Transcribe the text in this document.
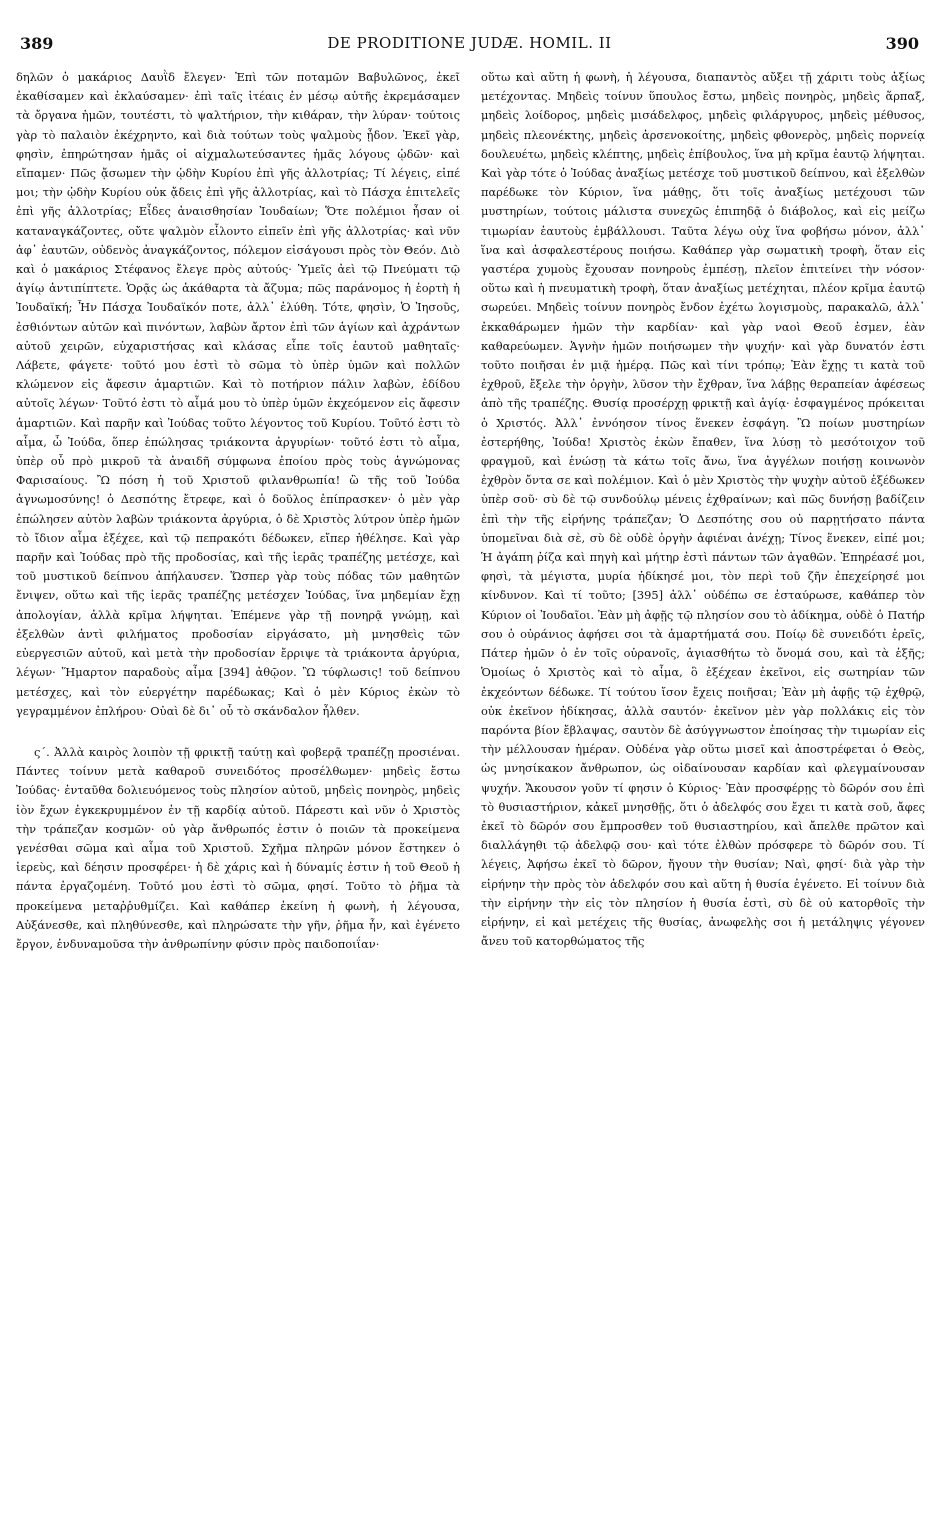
389	DE PRODITIONE JUDÆ. HOMIL. II	390

δηλῶν ὁ μακάριος Δαυῒδ ἔλεγεν· Ἐπὶ τῶν ποταμῶν Βαβυλῶνος, ἐκεῖ ἐκαθίσαμεν καὶ ἐκλαύσαμεν· ἐπὶ ταῖς ἰτέαις ἐν μέσῳ αὐτῆς ἐκρεμάσαμεν τὰ ὄργανα ἡμῶν, τουτέστι, τὸ ψαλτήριον, τὴν κιθάραν, τὴν λύραν· τούτοις γὰρ τὸ παλαιὸν ἐκέχρηντο, καὶ διὰ τούτων τοὺς ψαλμοὺς ᾖδον. Ἐκεῖ γὰρ, φησὶν, ἐπηρώτησαν ἡμᾶς οἱ αἰχμαλωτεύσαντες ἡμᾶς λόγους ᾠδῶν· καὶ εἴπαμεν· Πῶς ᾄσωμεν τὴν ᾠδὴν Κυρίου ἐπὶ γῆς ἀλλοτρίας; Τί λέγεις, εἰπέ μοι; τὴν ᾠδὴν Κυρίου οὐκ ᾄδεις ἐπὶ γῆς ἀλλοτρίας, καὶ τὸ Πάσχα ἐπιτελεῖς ἐπὶ γῆς ἀλλοτρίας; Εἶδες ἀναισθησίαν Ἰουδαίων; Ὅτε πολέμιοι ἦσαν οἱ καταναγκάζοντες, οὔτε ψαλμὸν εἶλοντο εἰπεῖν ἐπὶ γῆς ἀλλοτρίας· καὶ νῦν ἀφ᾽ ἑαυτῶν, οὐδενὸς ἀναγκάζοντος, πόλεμον εἰσάγουσι πρὸς τὸν Θεόν. Διὸ καὶ ὁ μακάριος Στέφανος ἔλεγε πρὸς αὐτούς· Ὑμεῖς ἀεὶ τῷ Πνεύματι τῷ ἁγίῳ ἀντιπίπτετε. Ὁρᾷς ὡς ἀκάθαρτα τὰ ἄζυμα; πῶς παράνομος ἡ ἑορτὴ ἡ Ἰουδαϊκή; Ἦν Πάσχα Ἰουδαϊκόν ποτε, ἀλλ᾽ ἐλύθη. Τότε, φησὶν, Ὁ Ἰησοῦς, ἐσθιόντων αὐτῶν καὶ πινόντων, λαβὼν ἄρτον ἐπὶ τῶν ἁγίων καὶ ἀχράντων αὐτοῦ χειρῶν, εὐχαριστήσας καὶ κλάσας εἶπε τοῖς ἑαυτοῦ μαθηταῖς· Λάβετε, φάγετε· τοῦτό μου ἐστὶ τὸ σῶμα τὸ ὑπὲρ ὑμῶν καὶ πολλῶν κλώμενον εἰς ἄφεσιν ἁμαρτιῶν. Καὶ τὸ ποτήριον πάλιν λαβὼν, ἐδίδου αὐτοῖς λέγων· Τοῦτό ἐστι τὸ αἷμά μου τὸ ὑπὲρ ὑμῶν ἐκχεόμενον εἰς ἄφεσιν ἁμαρτιῶν. Καὶ παρῆν καὶ Ἰούδας τοῦτο λέγοντος τοῦ Κυρίου. Τοῦτό ἐστι τὸ αἷμα, ὦ Ἰούδα, ὅπερ ἐπώλησας τριάκοντα ἀργυρίων· τοῦτό ἐστι τὸ αἷμα, ὑπὲρ οὗ πρὸ μικροῦ τὰ ἀναιδῆ σύμφωνα ἐποίου πρὸς τοὺς ἀγνώμονας Φαρισαίους. Ὢ πόση ἡ τοῦ Χριστοῦ φιλανθρωπία! ὢ τῆς τοῦ Ἰούδα ἀγνωμοσύνης! ὁ Δεσπότης ἔτρεφε, καὶ ὁ δοῦλος ἐπίπρασκεν· ὁ μὲν γὰρ ἐπώλησεν αὐτὸν λαβὼν τριάκοντα ἀργύρια, ὁ δὲ Χριστὸς λύτρον ὑπὲρ ἡμῶν τὸ ἴδιον αἷμα ἐξέχεε, καὶ τῷ πεπρακότι δέδωκεν, εἴπερ ἠθέλησε. Καὶ γὰρ παρῆν καὶ Ἰούδας πρὸ τῆς προδοσίας, καὶ τῆς ἱερᾶς τραπέζης μετέσχε, καὶ τοῦ μυστικοῦ δείπνου ἀπήλαυσεν. Ὥσπερ γὰρ τοὺς πόδας τῶν μαθητῶν ἔνιψεν, οὕτω καὶ τῆς ἱερᾶς τραπέζης μετέσχεν Ἰούδας, ἵνα μηδεμίαν ἔχῃ ἀπολογίαν, ἀλλὰ κρῖμα λήψηται. Ἐπέμενε γὰρ τῇ πονηρᾷ γνώμῃ, καὶ ἐξελθὼν ἀντὶ φιλήματος προδοσίαν εἰργάσατο, μὴ μνησθεὶς τῶν εὐεργεσιῶν αὐτοῦ, καὶ μετὰ τὴν προδοσίαν ἔρριψε τὰ τριάκοντα ἀργύρια, λέγων· Ἥμαρτον παραδοὺς αἷμα [394] ἀθῷον. Ὢ τύφλωσις! τοῦ δείπνου μετέσχες, καὶ τὸν εὐεργέτην παρέδωκας; Καὶ ὁ μὲν Κύριος ἐκὼν τὸ γεγραμμένον ἐπλήρου· Οὐαὶ δὲ δι᾽ οὗ τὸ σκάνδαλον ἦλθεν.

ς΄. Ἀλλὰ καιρὸς λοιπὸν τῇ φρικτῇ ταύτῃ καὶ φοβερᾷ τραπέζῃ προσιέναι. Πάντες τοίνυν μετὰ καθαροῦ συνειδότος προσέλθωμεν· μηδεὶς ἔστω Ἰούδας· ἐνταῦθα δολιευόμενος τοὺς πλησίον αὐτοῦ, μηδεὶς πονηρὸς, μηδεὶς ἰὸν ἔχων ἐγκεκρυμμένον ἐν τῇ καρδίᾳ αὐτοῦ. Πάρεστι καὶ νῦν ὁ Χριστὸς τὴν τράπεζαν κοσμῶν· οὐ γὰρ ἄνθρωπός ἐστιν ὁ ποιῶν τὰ προκείμενα γενέσθαι σῶμα καὶ αἷμα τοῦ Χριστοῦ. Σχῆμα πληρῶν μόνον ἕστηκεν ὁ ἱερεὺς, καὶ δέησιν προσφέρει· ἡ δὲ χάρις καὶ ἡ δύναμίς ἐστιν ἡ τοῦ Θεοῦ ἡ πάντα ἐργαζομένη. Τοῦτό μου ἐστὶ τὸ σῶμα, φησί. Τοῦτο τὸ ῥῆμα τὰ προκείμενα μεταῤῥυθμίζει. Καὶ καθάπερ ἐκείνη ἡ φωνὴ, ἡ λέγουσα, Αὐξάνεσθε, καὶ πληθύνεσθε, καὶ πληρώσατε τὴν γῆν, ῥῆμα ἦν, καὶ ἐγένετο ἔργον, ἐνδυναμοῦσα τὴν ἀνθρωπίνην φύσιν πρὸς παιδοποιΐαν·

οὕτω καὶ αὕτη ἡ φωνὴ, ἡ λέγουσα, διαπαντὸς αὔξει τῇ χάριτι τοὺς ἀξίως μετέχοντας. Μηδεὶς τοίνυν ὕπουλος ἔστω, μηδεὶς πονηρὸς, μηδεὶς ἅρπαξ, μηδεὶς λοίδορος, μηδεὶς μισάδελφος, μηδεὶς φιλάργυρος, μηδεὶς μέθυσος, μηδεὶς πλεονέκτης, μηδεὶς ἀρσενοκοίτης, μηδεὶς φθονερὸς, μηδεὶς πορνείᾳ δουλευέτω, μηδεὶς κλέπτης, μηδεὶς ἐπίβουλος, ἵνα μὴ κρῖμα ἑαυτῷ λήψηται. Καὶ γὰρ τότε ὁ Ἰούδας ἀναξίως μετέσχε τοῦ μυστικοῦ δείπνου, καὶ ἐξελθὼν παρέδωκε τὸν Κύριον, ἵνα μάθῃς, ὅτι τοῖς ἀναξίως μετέχουσι τῶν μυστηρίων, τούτοις μάλιστα συνεχῶς ἐπιπηδᾷ ὁ διάβολος, καὶ εἰς μείζω τιμωρίαν ἑαυτοὺς ἐμβάλλουσι. Ταῦτα λέγω οὐχ ἵνα φοβήσω μόνον, ἀλλ᾽ ἵνα καὶ ἀσφαλεστέρους ποιήσω. Καθάπερ γὰρ σωματικὴ τροφὴ, ὅταν εἰς γαστέρα χυμοὺς ἔχουσαν πονηροὺς ἐμπέσῃ, πλεῖον ἐπιτείνει τὴν νόσον· οὕτω καὶ ἡ πνευματικὴ τροφὴ, ὅταν ἀναξίως μετέχηται, πλέον κρῖμα ἑαυτῷ σωρεύει. Μηδεὶς τοίνυν πονηρὸς ἔνδον ἐχέτω λογισμοὺς, παρακαλῶ, ἀλλ᾽ ἐκκαθάρωμεν ἡμῶν τὴν καρδίαν· καὶ γὰρ ναοὶ Θεοῦ ἐσμεν, ἐὰν καθαρεύωμεν. Ἁγνὴν ἡμῶν ποιήσωμεν τὴν ψυχήν· καὶ γὰρ δυνατόν ἐστι τοῦτο ποιῆσαι ἐν μιᾷ ἡμέρᾳ. Πῶς καὶ τίνι τρόπῳ; Ἐὰν ἔχῃς τι κατὰ τοῦ ἐχθροῦ, ἔξελε τὴν ὀργὴν, λῦσον τὴν ἔχθραν, ἵνα λάβῃς θεραπείαν ἀφέσεως ἀπὸ τῆς τραπέζης. Θυσίᾳ προσέρχῃ φρικτῇ καὶ ἁγίᾳ· ἐσφαγμένος πρόκειται ὁ Χριστός. Ἀλλ᾽ ἐννόησον τίνος ἕνεκεν ἐσφάγη. Ὢ ποίων μυστηρίων ἐστερήθης, Ἰούδα! Χριστὸς ἑκὼν ἔπαθεν, ἵνα λύσῃ τὸ μεσότοιχον τοῦ φραγμοῦ, καὶ ἑνώσῃ τὰ κάτω τοῖς ἄνω, ἵνα ἀγγέλων ποιήσῃ κοινωνὸν ἐχθρὸν ὄντα σε καὶ πολέμιον. Καὶ ὁ μὲν Χριστὸς τὴν ψυχὴν αὐτοῦ ἐξέδωκεν ὑπὲρ σοῦ· σὺ δὲ τῷ συνδούλῳ μένεις ἐχθραίνων; καὶ πῶς δυνήσῃ βαδίζειν ἐπὶ τὴν τῆς εἰρήνης τράπεζαν; Ὁ Δεσπότης σου οὐ παρῃτήσατο πάντα ὑπομεῖναι διὰ σὲ, σὺ δὲ οὐδὲ ὀργὴν ἀφιέναι ἀνέχῃ; Τίνος ἕνεκεν, εἰπέ μοι; Ἡ ἀγάπη ῥίζα καὶ πηγὴ καὶ μήτηρ ἐστὶ πάντων τῶν ἀγαθῶν. Ἐπηρέασέ μοι, φησὶ, τὰ μέγιστα, μυρία ἠδίκησέ μοι, τὸν περὶ τοῦ ζῆν ἐπεχείρησέ μοι κίνδυνον. Καὶ τί τοῦτο; [395] ἀλλ᾽ οὐδέπω σε ἐσταύρωσε, καθάπερ τὸν Κύριον οἱ Ἰουδαῖοι. Ἐὰν μὴ ἀφῇς τῷ πλησίον σου τὸ ἀδίκημα, οὐδὲ ὁ Πατήρ σου ὁ οὐράνιος ἀφήσει σοι τὰ ἁμαρτήματά σου. Ποίῳ δὲ συνειδότι ἐρεῖς, Πάτερ ἡμῶν ὁ ἐν τοῖς οὐρανοῖς, ἁγιασθήτω τὸ ὄνομά σου, καὶ τὰ ἑξῆς; Ὁμοίως ὁ Χριστὸς καὶ τὸ αἷμα, ὃ ἐξέχεαν ἐκεῖνοι, εἰς σωτηρίαν τῶν ἐκχεόντων δέδωκε. Τί τούτου ἴσον ἔχεις ποιῆσαι; Ἐὰν μὴ ἀφῇς τῷ ἐχθρῷ, οὐκ ἐκεῖνον ἠδίκησας, ἀλλὰ σαυτόν· ἐκεῖνον μὲν γὰρ πολλάκις εἰς τὸν παρόντα βίον ἔβλαψας, σαυτὸν δὲ ἀσύγγνωστον ἐποίησας τὴν τιμωρίαν εἰς τὴν μέλλουσαν ἡμέραν. Οὐδένα γὰρ οὕτω μισεῖ καὶ ἀποστρέφεται ὁ Θεὸς, ὡς μνησίκακον ἄνθρωπον, ὡς οἰδαίνουσαν καρδίαν καὶ φλεγμαίνουσαν ψυχήν. Ἄκουσον γοῦν τί φησιν ὁ Κύριος· Ἐὰν προσφέρῃς τὸ δῶρόν σου ἐπὶ τὸ θυσιαστήριον, κἀκεῖ μνησθῇς, ὅτι ὁ ἀδελφός σου ἔχει τι κατὰ σοῦ, ἄφες ἐκεῖ τὸ δῶρόν σου ἔμπροσθεν τοῦ θυσιαστηρίου, καὶ ἄπελθε πρῶτον καὶ διαλλάγηθι τῷ ἀδελφῷ σου· καὶ τότε ἐλθὼν πρόσφερε τὸ δῶρόν σου. Τί λέγεις, Ἀφήσω ἐκεῖ τὸ δῶρον, ἤγουν τὴν θυσίαν; Ναὶ, φησί· διὰ γὰρ τὴν εἰρήνην τὴν πρὸς τὸν ἀδελφόν σου καὶ αὕτη ἡ θυσία ἐγένετο. Εἰ τοίνυν διὰ τὴν εἰρήνην τὴν εἰς τὸν πλησίον ἡ θυσία ἐστὶ, σὺ δὲ οὐ κατορθοῖς τὴν εἰρήνην, εἰ καὶ μετέχεις τῆς θυσίας, ἀνωφελὴς σοι ἡ μετάληψις γέγονεν ἄνευ τοῦ κατορθώματος τῆς
